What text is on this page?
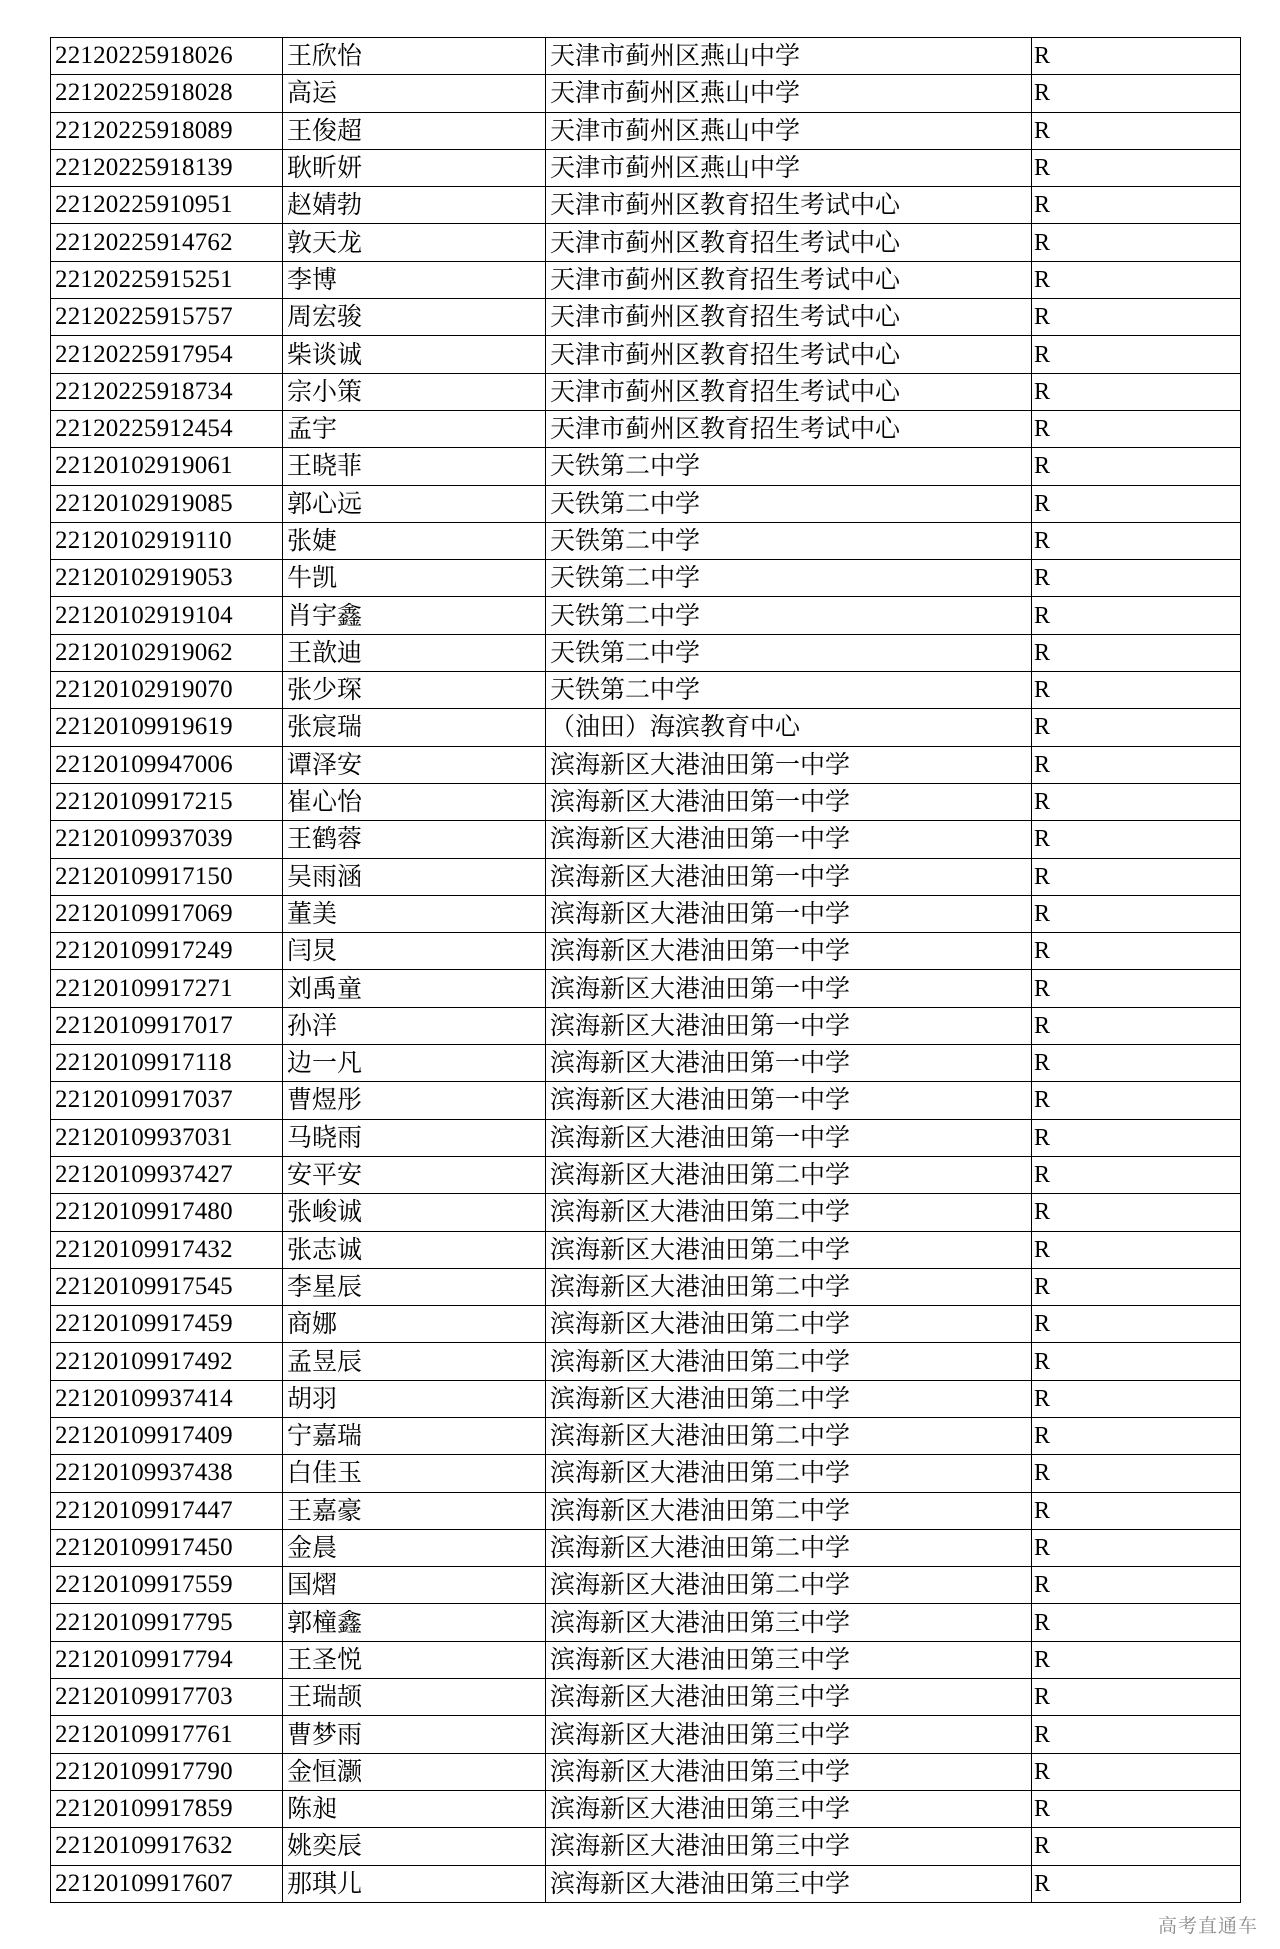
22120225918026	王欣怡	天津市蓟州区燕山中学	R
22120225918028	高运	天津市蓟州区燕山中学	R
22120225918089	王俊超	天津市蓟州区燕山中学	R
22120225918139	耿昕妍	天津市蓟州区燕山中学	R
22120225910951	赵婧勃	天津市蓟州区教育招生考试中心	R
22120225914762	敦天龙	天津市蓟州区教育招生考试中心	R
22120225915251	李博	天津市蓟州区教育招生考试中心	R
22120225915757	周宏骏	天津市蓟州区教育招生考试中心	R
22120225917954	柴谈诚	天津市蓟州区教育招生考试中心	R
22120225918734	宗小策	天津市蓟州区教育招生考试中心	R
22120225912454	孟宇	天津市蓟州区教育招生考试中心	R
22120102919061	王晓菲	天铁第二中学	R
22120102919085	郭心远	天铁第二中学	R
22120102919110	张婕	天铁第二中学	R
22120102919053	牛凯	天铁第二中学	R
22120102919104	肖宇鑫	天铁第二中学	R
22120102919062	王歆迪	天铁第二中学	R
22120102919070	张少琛	天铁第二中学	R
22120109919619	张宸瑞	（油田）海滨教育中心	R
22120109947006	谭泽安	滨海新区大港油田第一中学	R
22120109917215	崔心怡	滨海新区大港油田第一中学	R
22120109937039	王鹤蓉	滨海新区大港油田第一中学	R
22120109917150	吴雨涵	滨海新区大港油田第一中学	R
22120109917069	董美	滨海新区大港油田第一中学	R
22120109917249	闫炅	滨海新区大港油田第一中学	R
22120109917271	刘禹童	滨海新区大港油田第一中学	R
22120109917017	孙洋	滨海新区大港油田第一中学	R
22120109917118	边一凡	滨海新区大港油田第一中学	R
22120109917037	曹煜彤	滨海新区大港油田第一中学	R
22120109937031	马晓雨	滨海新区大港油田第一中学	R
22120109937427	安平安	滨海新区大港油田第二中学	R
22120109917480	张峻诚	滨海新区大港油田第二中学	R
22120109917432	张志诚	滨海新区大港油田第二中学	R
22120109917545	李星辰	滨海新区大港油田第二中学	R
22120109917459	商娜	滨海新区大港油田第二中学	R
22120109917492	孟昱辰	滨海新区大港油田第二中学	R
22120109937414	胡羽	滨海新区大港油田第二中学	R
22120109917409	宁嘉瑞	滨海新区大港油田第二中学	R
22120109937438	白佳玉	滨海新区大港油田第二中学	R
22120109917447	王嘉豪	滨海新区大港油田第二中学	R
22120109917450	金晨	滨海新区大港油田第二中学	R
22120109917559	国熠	滨海新区大港油田第二中学	R
22120109917795	郭橦鑫	滨海新区大港油田第三中学	R
22120109917794	王圣悦	滨海新区大港油田第三中学	R
22120109917703	王瑞颉	滨海新区大港油田第三中学	R
22120109917761	曹梦雨	滨海新区大港油田第三中学	R
22120109917790	金恒灏	滨海新区大港油田第三中学	R
22120109917859	陈昶	滨海新区大港油田第三中学	R
22120109917632	姚奕辰	滨海新区大港油田第三中学	R
22120109917607	那琪儿	滨海新区大港油田第三中学	R
高考直通车
